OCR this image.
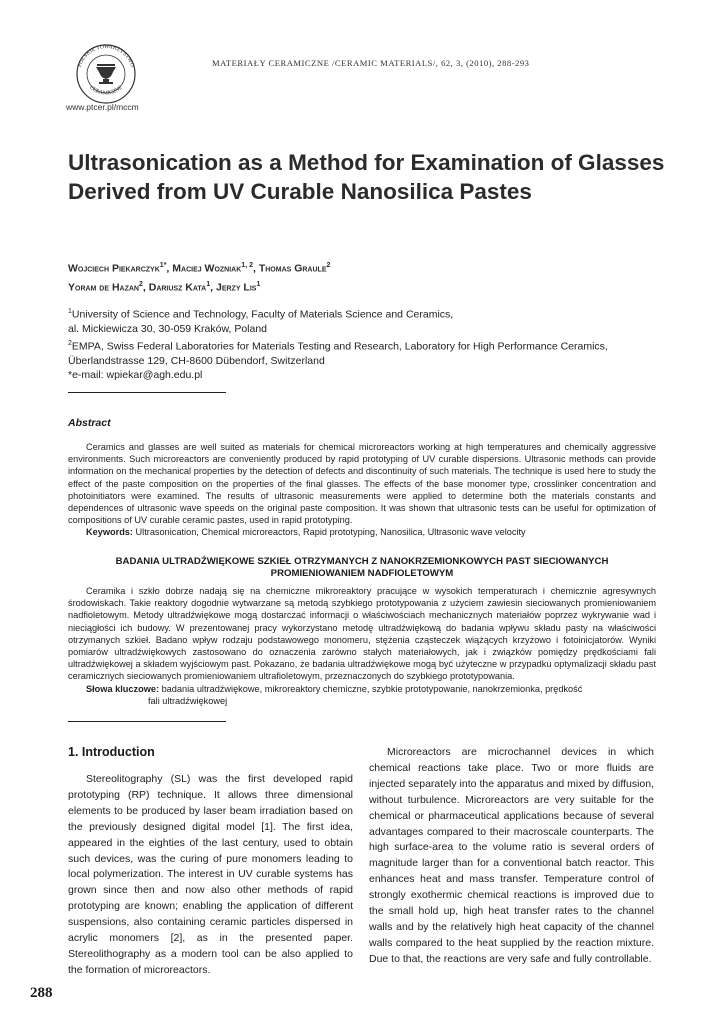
POLSKIE TOWARZYSTWO
CERAMICZNE
MATERIAŁY CERAMICZNE /CERAMIC MATERIALS/, 62, 3, (2010), 288-293
www.ptcer.pl/mccm
Ultrasonication as a Method for Examination of Glasses Derived from UV Curable Nanosilica Pastes
Wojciech Piekarczyk$^{1*}$, Maciej Wozniak$^{1, 2}$, Thomas Graule$^2$
Yoram de Hazan$^2$, Dariusz Kata$^1$, Jerzy Lis$^1$
$^1$University of Science and Technology, Faculty of Materials Science and Ceramics,
al. Mickiewicza 30, 30-059 Kraków, Poland
$^2$EMPA, Swiss Federal Laboratories for Materials Testing and Research, Laboratory for High Performance Ceramics,
Überlandstrasse 129, CH-8600 Dübendorf, Switzerland
*e-mail: wpiekar@agh.edu.pl
Abstract
Ceramics and glasses are well suited as materials for chemical microreactors working at high temperatures and chemically aggressive environments. Such microreactors are conveniently produced by rapid prototyping of UV curable dispersions. Ultrasonic methods can provide information on the mechanical properties by the detection of defects and discontinuity of such materials. The technique is used here to study the effect of the paste composition on the properties of the final glasses. The effects of the base monomer type, crosslinker concentration and photoinitiators were examined. The results of ultrasonic measurements were applied to determine both the materials constants and dependences of ultrasonic wave speeds on the original paste composition. It was shown that ultrasonic tests can be useful for optimization of compositions of UV curable ceramic pastes, used in rapid prototyping.
Keywords: Ultrasonication, Chemical microreactors, Rapid prototyping, Nanosilica, Ultrasonic wave velocity
BADANIA ULTRADŹWIĘKOWE SZKIEŁ OTRZYMANYCH Z NANOKRZEMIONKOWYCH PAST SIECIOWANYCH
PROMIENIOWANIEM NADFIOLETOWYM
Ceramika i szkło dobrze nadają się na chemiczne mikroreaktory pracujące w wysokich temperaturach i chemicznie agresywnych środowiskach. Takie reaktory dogodnie wytwarzane są metodą szybkiego prototypowania z użyciem zawiesin sieciowanych promieniowaniem nadfioletowym. Metody ultradźwiękowe mogą dostarczać informacji o właściwościach mechanicznych materiałów poprzez wykrywanie wad i nieciągłości ich budowy. W prezentowanej pracy wykorzystano metodę ultradźwiękową do badania wpływu składu pasty na właściwości otrzymanych szkieł. Badano wpływ rodzaju podstawowego monomeru, stężenia cząsteczek wiążących krzyżowo i fotoinicjatorów. Wyniki pomiarów ultradźwiękowych zastosowano do oznaczenia zarówno stałych materiałowych, jak i związków pomiędzy prędkościami fali ultradźwiękowej a składem wyjściowym past. Pokazano, że badania ultradźwiękowe mogą być użyteczne w przypadku optymalizacji składu past ceramicznych sieciowanych promieniowaniem ultrafioletowym, przeznaczonych do szybkiego prototypowania.
Słowa kluczowe: badania ultradźwiękowe, mikroreaktory chemiczne, szybkie prototypowanie, nanokrzemionka, prędkość
fali ultradźwiękowej
1. Introduction
Stereolitography (SL) was the first developed rapid prototyping (RP) technique. It allows three dimensional elements to be produced by laser beam irradiation based on the previously designed digital model [1]. The first idea, appeared in the eighties of the last century, used to obtain such devices, was the curing of pure monomers leading to local polymerization. The interest in UV curable systems has grown since then and now also other methods of rapid prototyping are known; enabling the application of different suspensions, also containing ceramic particles dispersed in acrylic monomers [2], as in the presented paper. Stereolithography as a modern tool can be also applied to the formation of microreactors.
Microreactors are microchannel devices in which chemical reactions take place. Two or more fluids are injected separately into the apparatus and mixed by diffusion, without turbulence. Microreactors are very suitable for the chemical or pharmaceutical applications because of several advantages compared to their macroscale counterparts. The high surface-area to the volume ratio is several orders of magnitude larger than for a conventional batch reactor. This enhances heat and mass transfer. Temperature control of strongly exothermic chemical reactions is improved due to the small hold up, high heat transfer rates to the channel walls and by the relatively high heat capacity of the channel walls compared to the heat supplied by the reaction mixture. Due to that, the reactions are very safe and fully controllable.
288
